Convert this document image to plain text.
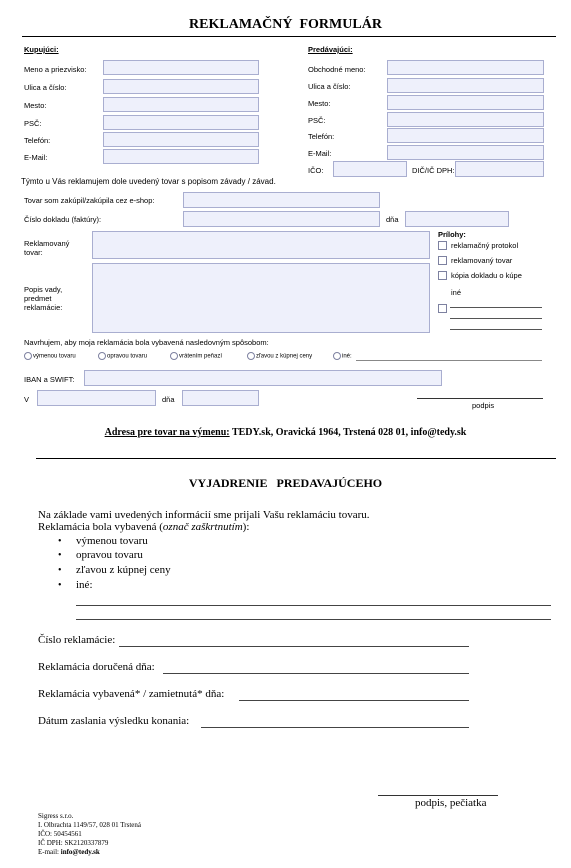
REKLAMAČNÝ  FORMULÁR
Kupujúci:
Meno a priezvisko:
Ulica a číslo:
Mesto:
PSČ:
Telefón:
E-Mail:
Predávajúci:
Obchodné meno:
Ulica a číslo:
Mesto:
PSČ:
Telefón:
E-Mail:
IČO:	DIČ/IČ DPH:
Týmto u Vás reklamujem dole uvedený tovar s popisom závady / závad.
Tovar som zakúpil/zakúpila cez e-shop:
Číslo dokladu (faktúry):	dňa
Reklamovaný tovar:
Popis vady, predmet reklamácie:
Prílohy:
reklamačný protokol
reklamovaný tovar
kópia dokladu o kúpe
iné
Navrhujem, aby moja reklamácia bola vybavená nasledovným spôsobom:
výmenou tovaru	opravou tovaru	vrátením peňazí	zľavou z kúpnej ceny	iné:
IBAN a SWIFT:
V	dňa
podpis
Adresa pre tovar na výmenu: TEDY.sk, Oravická 1964, Trstená 028 01, info@tedy.sk
VYJADRENIE   PREDAVAJÚCEHO
Na základe vami uvedených informácií sme prijali Vašu reklamáciu tovaru.
Reklamácia bola vybavená (označ zaškrtnutím):
• výmenou tovaru
• opravou tovaru
• zľavou z kúpnej ceny
• iné:
Číslo reklamácie:
Reklamácia doručená dňa:
Reklamácia vybavená* / zamietnutá* dňa:
Dátum zaslania výsledku konania:
podpis, pečiatka
Sigress s.r.o.
I. Olbrachta 1149/57, 028 01 Trstená
IČO: 50454561
IČ DPH: SK2120337879
E-mail: info@tedy.sk
